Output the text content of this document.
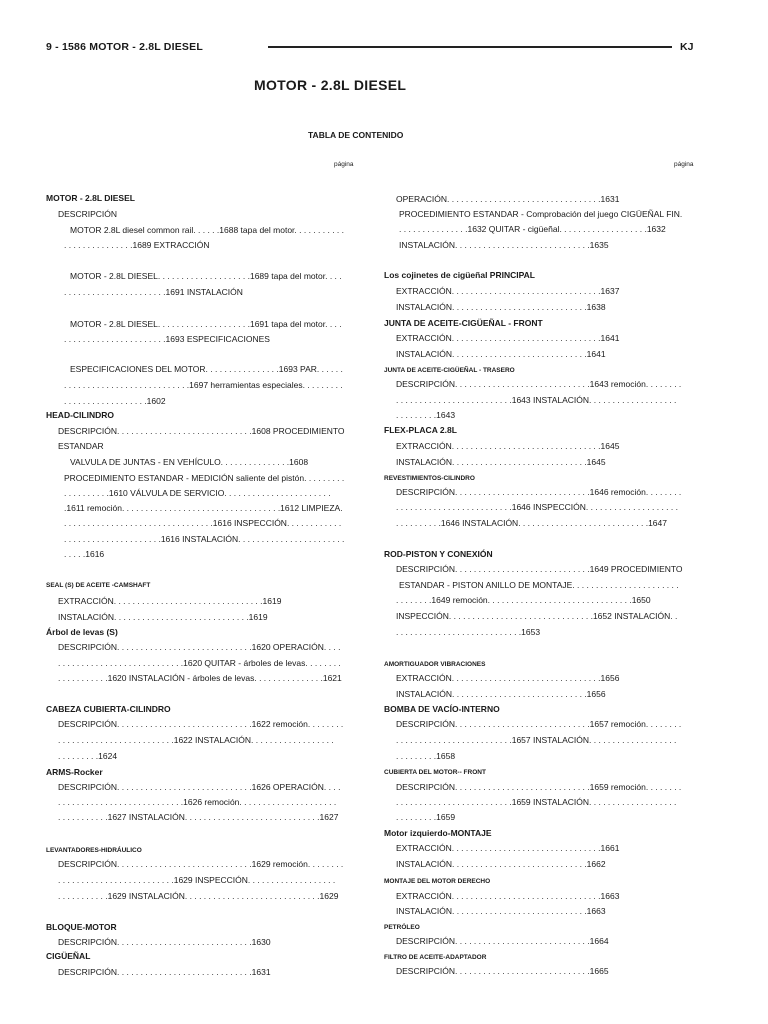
9 - 1586 MOTOR - 2.8L DIESEL	KJ
MOTOR - 2.8L DIESEL
TABLA DE CONTENIDO
página	página
MOTOR - 2.8L DIESEL
DESCRIPCIÓN
MOTOR 2.8L diesel common rail. . . . . .1688 tapa del motor. . . . . . . . . . .
. . . . . . . . . . . . . . .1689 EXTRACCIÓN
MOTOR - 2.8L DIESEL. . . . . . . . . . . . . . . . . . . .1689 tapa del motor. . . .
. . . . . . . . . . . . . . . . . . . . . .1691 INSTALACIÓN
MOTOR - 2.8L DIESEL. . . . . . . . . . . . . . . . . . . .1691 tapa del motor. . . .
. . . . . . . . . . . . . . . . . . . . . .1693 ESPECIFICACIONES
ESPECIFICACIONES DEL MOTOR. . . . . . . . . . . . . . . .1693 PAR. . . . . .
. . . . . . . . . . . . . . . . . . . . . . . . . . .1697 herramientas especiales. . . . . . . . .
. . . . . . . . . . . . . . . . . .1602
HEAD-CILINDRO
DESCRIPCIÓN. . . . . . . . . . . . . . . . . . . . . . . . . . . . .1608 PROCEDIMIENTO
ESTANDAR
VALVULA DE JUNTAS - EN VEHÍCULO. . . . . . . . . . . . . . .1608
PROCEDIMIENTO ESTANDAR - MEDICIÓN saliente del pistón. . . . . . . . .
. . . . . . . . . .1610 VÁLVULA DE SERVICIO. . . . . . . . . . . . . . . . . . . . . . .
.1611 remoción. . . . . . . . . . . . . . . . . . . . . . . . . . . . . . . . . .1612 LIMPIEZA.
. . . . . . . . . . . . . . . . . . . . . . . . . . . . . . . .1616 INSPECCIÓN. . . . . . . . . . . .
. . . . . . . . . . . . . . . . . . . . .1616 INSTALACIÓN. . . . . . . . . . . . . . . . . . . . . . .
. . . . .1616
SEAL (S) DE ACEITE -CAMSHAFT
EXTRACCIÓN. . . . . . . . . . . . . . . . . . . . . . . . . . . . . . . .1619
INSTALACIÓN. . . . . . . . . . . . . . . . . . . . . . . . . . . . .1619
Árbol de levas (S)
DESCRIPCIÓN. . . . . . . . . . . . . . . . . . . . . . . . . . . . .1620 OPERACIÓN. . . .
. . . . . . . . . . . . . . . . . . . . . . . . . . .1620 QUITAR - árboles de levas. . . . . . . .
. . . . . . . . . . .1620 INSTALACIÓN - árboles de levas. . . . . . . . . . . . . . .1621
CABEZA CUBIERTA-CILINDRO
DESCRIPCIÓN. . . . . . . . . . . . . . . . . . . . . . . . . . . . .1622 remoción. . . . . . . .
. . . . . . . . . . . . . . . . . . . . . . . . .1622 INSTALACIÓN. . . . . . . . . . . . . . . . . .
. . . . . . . . .1624
ARMS-Rocker
DESCRIPCIÓN. . . . . . . . . . . . . . . . . . . . . . . . . . . . .1626 OPERACIÓN. . . .
. . . . . . . . . . . . . . . . . . . . . . . . . . .1626 remoción. . . . . . . . . . . . . . . . . . . . .
. . . . . . . . . . .1627 INSTALACIÓN. . . . . . . . . . . . . . . . . . . . . . . . . . . . .1627
LEVANTADORES-HIDRÁULICO
DESCRIPCIÓN. . . . . . . . . . . . . . . . . . . . . . . . . . . . .1629 remoción. . . . . . . .
. . . . . . . . . . . . . . . . . . . . . . . . .1629 INSPECCIÓN. . . . . . . . . . . . . . . . . . .
. . . . . . . . . . .1629 INSTALACIÓN. . . . . . . . . . . . . . . . . . . . . . . . . . . . .1629
BLOQUE-MOTOR
DESCRIPCIÓN. . . . . . . . . . . . . . . . . . . . . . . . . . . . .1630
CIGÜEÑAL
DESCRIPCIÓN. . . . . . . . . . . . . . . . . . . . . . . . . . . . .1631
OPERACIÓN. . . . . . . . . . . . . . . . . . . . . . . . . . . . . . . . .1631
PROCEDIMIENTO ESTANDAR - Comprobación del juego CIGÜEÑAL FIN.
. . . . . . . . . . . . . . .1632 QUITAR - cigüeñal. . . . . . . . . . . . . . . . . . .1632
INSTALACIÓN. . . . . . . . . . . . . . . . . . . . . . . . . . . . .1635
Los cojinetes de cigüeñal PRINCIPAL
EXTRACCIÓN. . . . . . . . . . . . . . . . . . . . . . . . . . . . . . . .1637
INSTALACIÓN. . . . . . . . . . . . . . . . . . . . . . . . . . . . .1638
JUNTA DE ACEITE-CIGÜEÑAL - FRONT
EXTRACCIÓN. . . . . . . . . . . . . . . . . . . . . . . . . . . . . . . .1641
INSTALACIÓN. . . . . . . . . . . . . . . . . . . . . . . . . . . . .1641
JUNTA DE ACEITE-CIGÜEÑAL - TRASERO
DESCRIPCIÓN. . . . . . . . . . . . . . . . . . . . . . . . . . . . .1643 remoción. . . . . . . .
. . . . . . . . . . . . . . . . . . . . . . . . .1643 INSTALACIÓN. . . . . . . . . . . . . . . . . . .
. . . . . . . . .1643
FLEX-PLACA 2.8L
EXTRACCIÓN. . . . . . . . . . . . . . . . . . . . . . . . . . . . . . . .1645
INSTALACIÓN. . . . . . . . . . . . . . . . . . . . . . . . . . . . .1645
REVESTIMIENTOS-CILINDRO
DESCRIPCIÓN. . . . . . . . . . . . . . . . . . . . . . . . . . . . .1646 remoción. . . . . . . .
. . . . . . . . . . . . . . . . . . . . . . . . .1646 INSPECCIÓN. . . . . . . . . . . . . . . . . . . .
. . . . . . . . . .1646 INSTALACIÓN. . . . . . . . . . . . . . . . . . . . . . . . . . . .1647
ROD-PISTON Y CONEXIÓN
DESCRIPCIÓN. . . . . . . . . . . . . . . . . . . . . . . . . . . . .1649 PROCEDIMIENTO
ESTANDAR - PISTON ANILLO DE MONTAJE. . . . . . . . . . . . . . . . . . . . . . .
. . . . . . . .1649 remoción. . . . . . . . . . . . . . . . . . . . . . . . . . . . . . .1650
INSPECCIÓN. . . . . . . . . . . . . . . . . . . . . . . . . . . . . . .1652 INSTALACIÓN. .
. . . . . . . . . . . . . . . . . . . . . . . . . . .1653
AMORTIGUADOR VIBRACIONES
EXTRACCIÓN. . . . . . . . . . . . . . . . . . . . . . . . . . . . . . . .1656
INSTALACIÓN. . . . . . . . . . . . . . . . . . . . . . . . . . . . .1656
BOMBA DE VACÍO-INTERNO
DESCRIPCIÓN. . . . . . . . . . . . . . . . . . . . . . . . . . . . .1657 remoción. . . . . . . .
. . . . . . . . . . . . . . . . . . . . . . . . .1657 INSTALACIÓN. . . . . . . . . . . . . . . . . . .
. . . . . . . . .1658
CUBIERTA DEL MOTOR-- FRONT
DESCRIPCIÓN. . . . . . . . . . . . . . . . . . . . . . . . . . . . .1659 remoción. . . . . . . .
. . . . . . . . . . . . . . . . . . . . . . . . .1659 INSTALACIÓN. . . . . . . . . . . . . . . . . . .
. . . . . . . . .1659
Motor izquierdo-MONTAJE
EXTRACCIÓN. . . . . . . . . . . . . . . . . . . . . . . . . . . . . . . .1661
INSTALACIÓN. . . . . . . . . . . . . . . . . . . . . . . . . . . . .1662
MONTAJE DEL MOTOR DERECHO
EXTRACCIÓN. . . . . . . . . . . . . . . . . . . . . . . . . . . . . . . .1663
INSTALACIÓN. . . . . . . . . . . . . . . . . . . . . . . . . . . . .1663
PETRÓLEO
DESCRIPCIÓN. . . . . . . . . . . . . . . . . . . . . . . . . . . . .1664
FILTRO DE ACEITE-ADAPTADOR
DESCRIPCIÓN. . . . . . . . . . . . . . . . . . . . . . . . . . . . .1665
